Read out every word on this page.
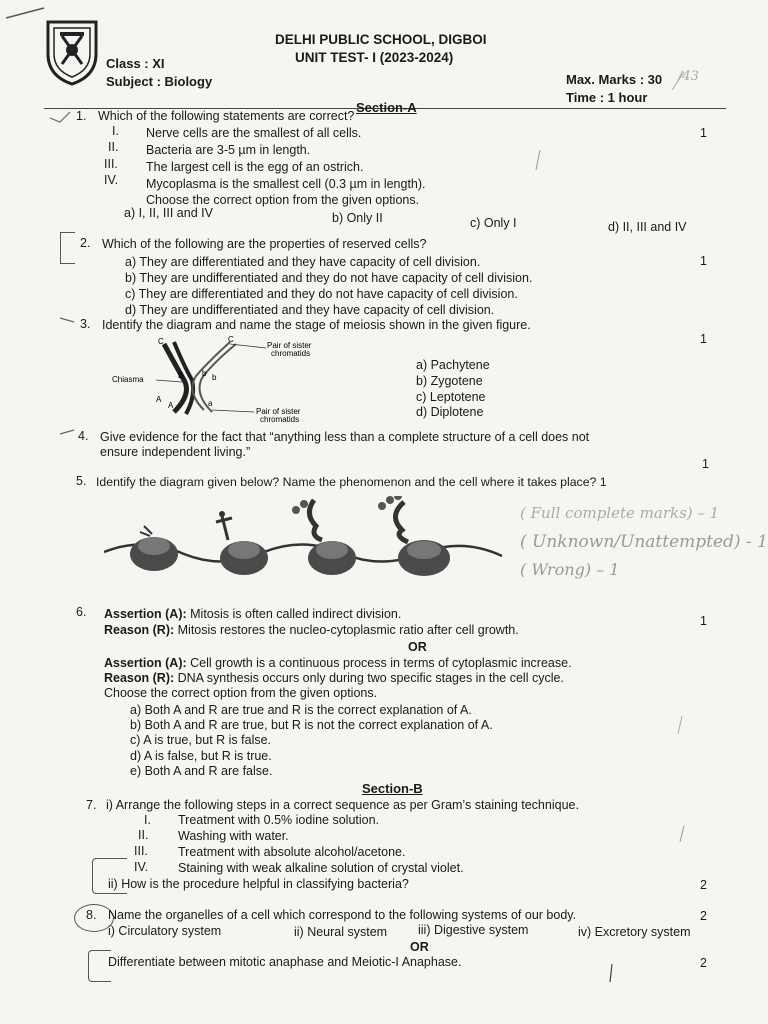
DELHI PUBLIC SCHOOL, DIGBOI
UNIT TEST- I (2023-2024)
Class : XI
Subject : Biology	Max. Marks : 30 /43
Time : 1 hour
Section-A
1. Which of the following statements are correct?
1
I. Nerve cells are the smallest of all cells.
II. Bacteria are 3-5 µm in length.
III. The largest cell is the egg of an ostrich.
IV. Mycoplasma is the smallest cell (0.3 µm in length).
Choose the correct option from the given options.
a) I, II, III and IV	b) Only II	c) Only I	d) II, III and IV
2. Which of the following are the properties of reserved cells?
1
a) They are differentiated and they have capacity of cell division.
b) They are undifferentiated and they do not have capacity of cell division.
c) They are differentiated and they do not have capacity of cell division.
d) They are undifferentiated and they have capacity of cell division.
3. Identify the diagram and name the stage of meiosis shown in the given figure.
1
C	C
B b b
A
A	a
Pair of sister
chromatids
Chiasma
Pair of sister
chromatids
a) Pachytene
b) Zygotene
c) Leptotene
d) Diplotene
4. Give evidence for the fact that “anything less than a complete structure of a cell does not
ensure independent living.”
1
5. Identify the diagram given below? Name the phenomenon and the cell where it takes place? 1
( Full complete marks) – 1
( Unknown/Unattempted) - 1
( Wrong) – 1
6. Assertion (A): Mitosis is often called indirect division.	1
Reason (R): Mitosis restores the nucleo-cytoplasmic ratio after cell growth.
OR
Assertion (A): Cell growth is a continuous process in terms of cytoplasmic increase.
Reason (R): DNA synthesis occurs only during two specific stages in the cell cycle.
Choose the correct option from the given options.
a) Both A and R are true and R is the correct explanation of A.
b) Both A and R are true, but R is not the correct explanation of A.
c) A is true, but R is false.
d) A is false, but R is true.
e) Both A and R are false.
Section-B
7. i) Arrange the following steps in a correct sequence as per Gram’s staining technique.
I. Treatment with 0.5% iodine solution.
II. Washing with water.
III. Treatment with absolute alcohol/acetone.
IV. Staining with weak alkaline solution of crystal violet.
ii) How is the procedure helpful in classifying bacteria?	2
8. Name the organelles of a cell which correspond to the following systems of our body.	2
i) Circulatory system	ii) Neural system iii) Digestive system	iv) Excretory system
OR
Differentiate between mitotic anaphase and Meiotic-I Anaphase.	2
